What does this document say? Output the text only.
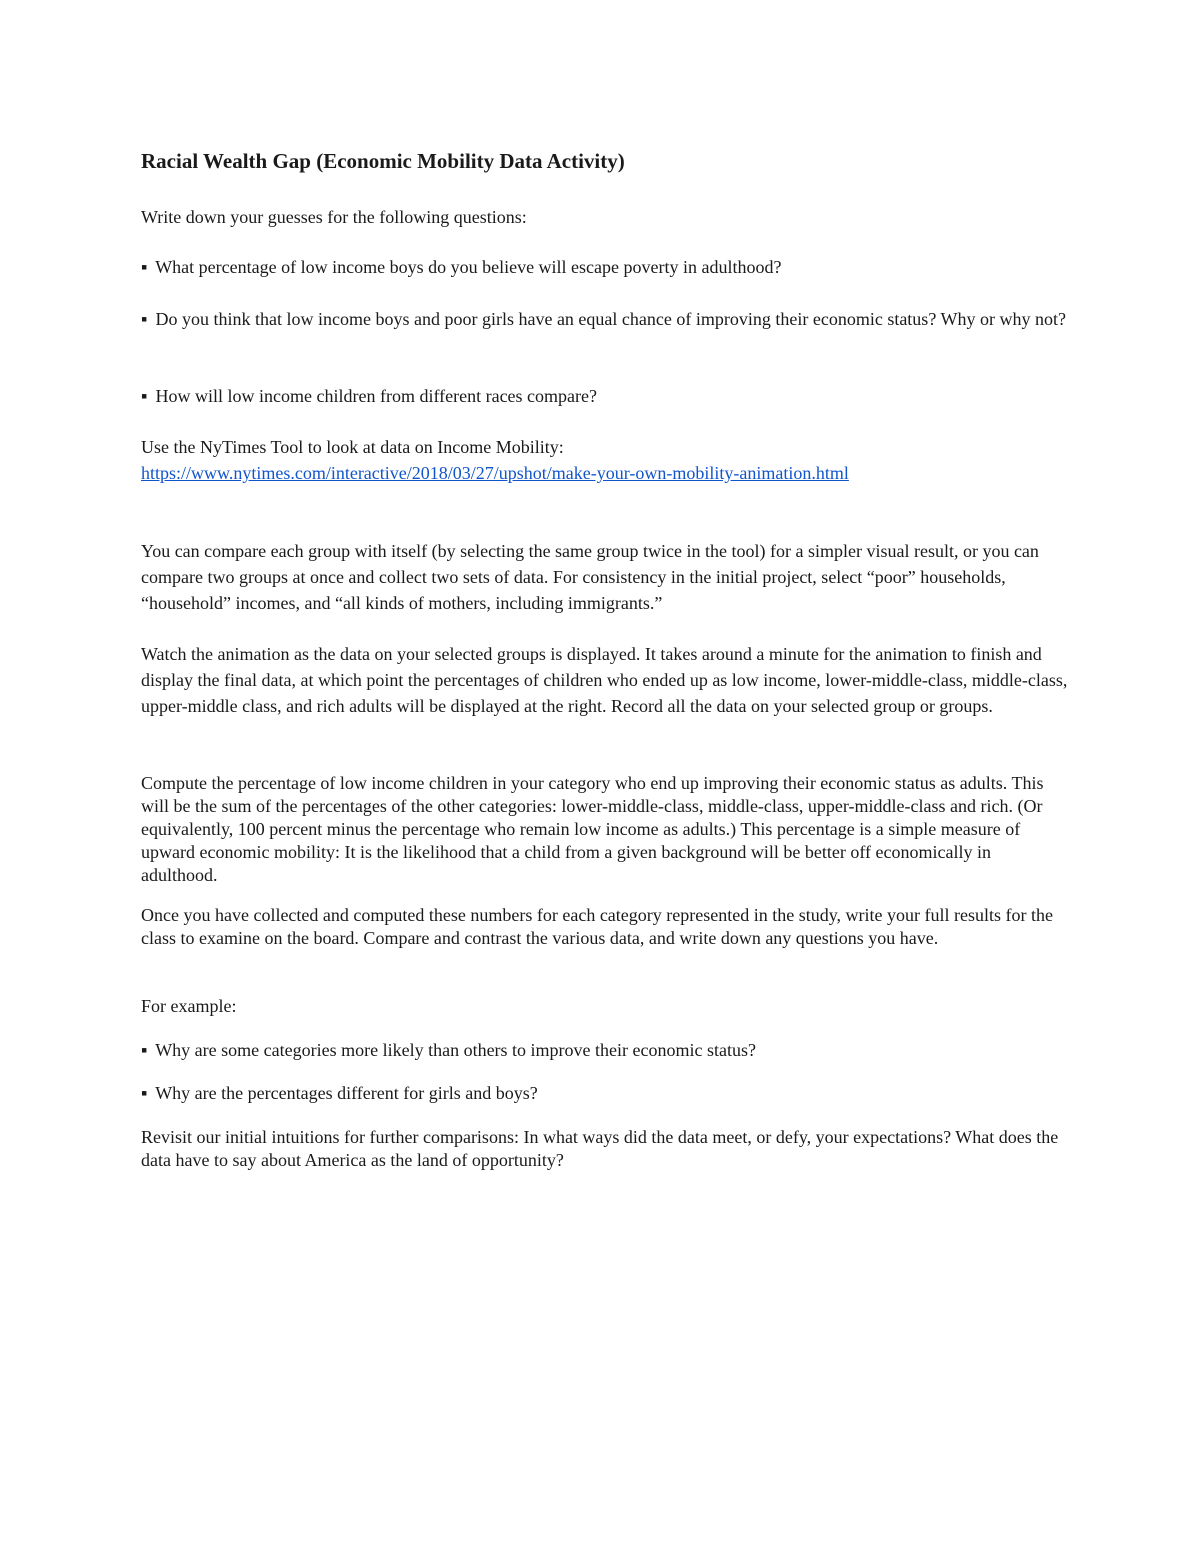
Racial Wealth Gap (Economic Mobility Data Activity)

Write down your guesses for the following questions:

▪ What percentage of low income boys do you believe will escape poverty in adulthood?

▪ Do you think that low income boys and poor girls have an equal chance of improving their economic status? Why or why not?

▪ How will low income children from different races compare?

Use the NyTimes Tool to look at data on Income Mobility:
https://www.nytimes.com/interactive/2018/03/27/upshot/make-your-own-mobility-animation.html

You can compare each group with itself (by selecting the same group twice in the tool) for a simpler visual result, or you can compare two groups at once and collect two sets of data. For consistency in the initial project, select “poor” households, “household” incomes, and “all kinds of mothers, including immigrants.”

Watch the animation as the data on your selected groups is displayed. It takes around a minute for the animation to finish and display the final data, at which point the percentages of children who ended up as low income, lower-middle-class, middle-class, upper-middle class, and rich adults will be displayed at the right. Record all the data on your selected group or groups.

Compute the percentage of low income children in your category who end up improving their economic status as adults. This will be the sum of the percentages of the other categories: lower-middle-class, middle-class, upper-middle-class and rich. (Or equivalently, 100 percent minus the percentage who remain low income as adults.) This percentage is a simple measure of upward economic mobility: It is the likelihood that a child from a given background will be better off economically in adulthood.

Once you have collected and computed these numbers for each category represented in the study, write your full results for the class to examine on the board. Compare and contrast the various data, and write down any questions you have.

For example:

▪ Why are some categories more likely than others to improve their economic status?

▪ Why are the percentages different for girls and boys?

Revisit our initial intuitions for further comparisons: In what ways did the data meet, or defy, your expectations? What does the data have to say about America as the land of opportunity?
